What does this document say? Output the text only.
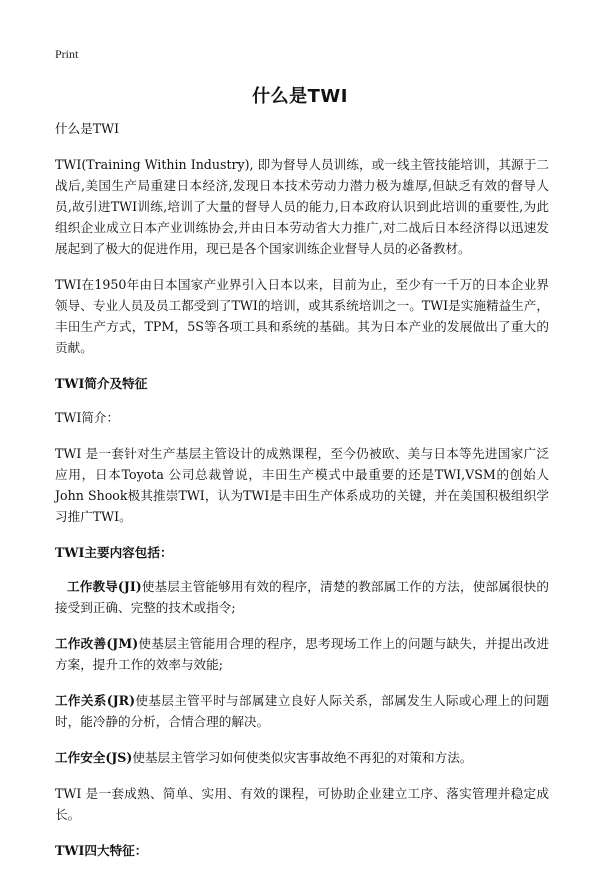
Print
什么是TWI

什么是TWI

TWI(Training Within Industry), 即为督导人员训练，或一线主管技能培训，其源于二战后,美国生产局重建日本经济,发现日本技术劳动力潜力极为雄厚,但缺乏有效的督导人员,故引进TWI训练,培训了大量的督导人员的能力,日本政府认识到此培训的重要性,为此组织企业成立日本产业训练协会,并由日本劳动省大力推广,对二战后日本经济得以迅速发展起到了极大的促进作用，现已是各个国家训练企业督导人员的必备教材。

TWI在1950年由日本国家产业界引入日本以来，目前为止，至少有一千万的日本企业界领导、专业人员及员工都受到了TWI的培训，或其系统培训之一。TWI是实施精益生产，丰田生产方式，TPM，5S等各项工具和系统的基础。其为日本产业的发展做出了重大的贡献。

TWI简介及特征

TWI简介：

TWI 是一套针对生产基层主管设计的成熟课程，至今仍被欧、美与日本等先进国家广泛应用，日本Toyota 公司总裁曾说，丰田生产模式中最重要的还是TWI,VSM的创始人John Shook极其推崇TWI，认为TWI是丰田生产体系成功的关键，并在美国积极组织学习推广TWI。

TWI主要内容包括：

工作教导(JI)使基层主管能够用有效的程序，清楚的教部属工作的方法，使部属很快的接受到正确、完整的技术或指令;

工作改善(JM)使基层主管能用合理的程序，思考现场工作上的问题与缺失，并提出改进方案，提升工作的效率与效能;

工作关系(JR)使基层主管平时与部属建立良好人际关系，部属发生人际或心理上的问题时，能冷静的分析，合情合理的解决。

工作安全(JS)使基层主管学习如何使类似灾害事故绝不再犯的对策和方法。

TWI 是一套成熟、简单、实用、有效的课程，可协助企业建立工序、落实管理并稳定成长。

TWI四大特征：
